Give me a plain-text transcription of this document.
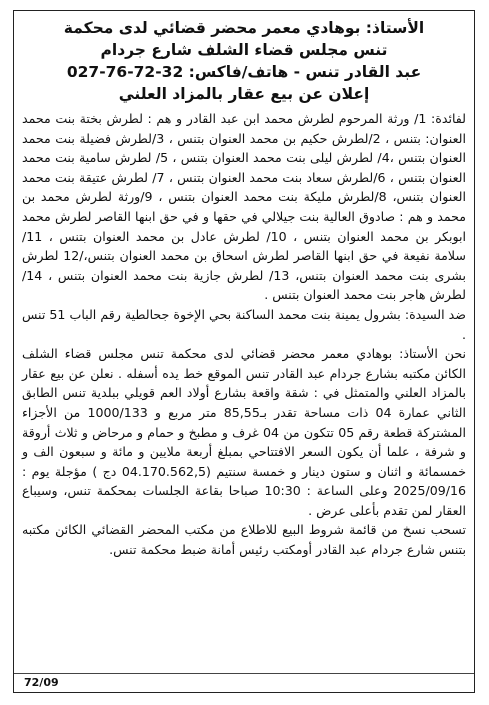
الأستاذ: بوهادي معمر محضر قضائي لدى محكمة
تنس مجلس قضاء الشلف شارع جردام
عبد القادر تنس - هاتف/فاكس: 32-72-76-027
إعلان عن بيع عقار بالمزاد العلني

لفائدة: 1/ ورثة المرحوم لطرش محمد ابن عبد القادر و هم : لطرش بختة بنت محمد العنوان: بتنس ، 2/لطرش حكيم بن محمد العنوان بتنس ، 3/لطرش فضيلة بنت محمد العنوان بتنس ،4/ لطرش ليلى بنت محمد العنوان بتنس ، 5/ لطرش سامية بنت محمد العنوان بتنس ، 6/لطرش سعاد بنت محمد العنوان بتنس ، 7/ لطرش عتيقة بنت محمد العنوان بتنس، 8/لطرش مليكة بنت محمد العنوان بتنس ، 9/ورثة لطرش محمد بن محمد و هم : صادوق العالية بنت جيلالي في حقها و في حق ابنها القاصر لطرش محمد ابوبكر بن محمد العنوان بتنس ، 10/ لطرش عادل بن محمد العنوان بتنس ، 11/ سلامة نفيعة في حق ابنها القاصر لطرش اسحاق بن محمد العنوان بتنس،/12 لطرش بشرى بنت محمد العنوان بتنس، 13/ لطرش جازية بنت محمد العنوان بتنس ، 14/ لطرش هاجر بنت محمد العنوان بتنس .

ضد السيدة: بشرول يمينة بنت محمد الساكنة بحي الإخوة جحالطية رقم الباب 51 تنس .

نحن الأستاذ: بوهادي معمر محضر قضائي لدى محكمة تنس مجلس قضاء الشلف الكائن مكتبه بشارع جردام عبد القادر تنس الموقع خط يده أسفله . نعلن عن بيع عقار بالمزاد العلني والمتمثل في : شقة واقعة بشارع أولاد العم قويلي ببلدية تنس الطابق الثاني عمارة 04 ذات مساحة تقدر بـ85,55 متر مربع و 1000/133 من الأجزاء المشتركة قطعة رقم 05 تتكون من 04 غرف و مطبخ و حمام و مرحاض و ثلاث أروقة و شرفة ، علما أن يكون السعر الافتتاحي بمبلغ أربعة ملايين و مائة و سبعون الف و خمسمائة و اثنان و ستون دينار و خمسة سنتيم (04.170.562,5 دج ) مؤجلة يوم : 2025/09/16 وعلى الساعة : 10:30 صباحا بقاعة الجلسات بمحكمة تنس، وسيباع العقار لمن تقدم بأعلى عرض .

تسحب نسخ من قائمة شروط البيع للاطلاع من مكتب المحضر القضائي الكائن مكتبه بتنس شارع جردام عبد القادر أومكتب رئيس أمانة ضبط محكمة تنس.

72/09
